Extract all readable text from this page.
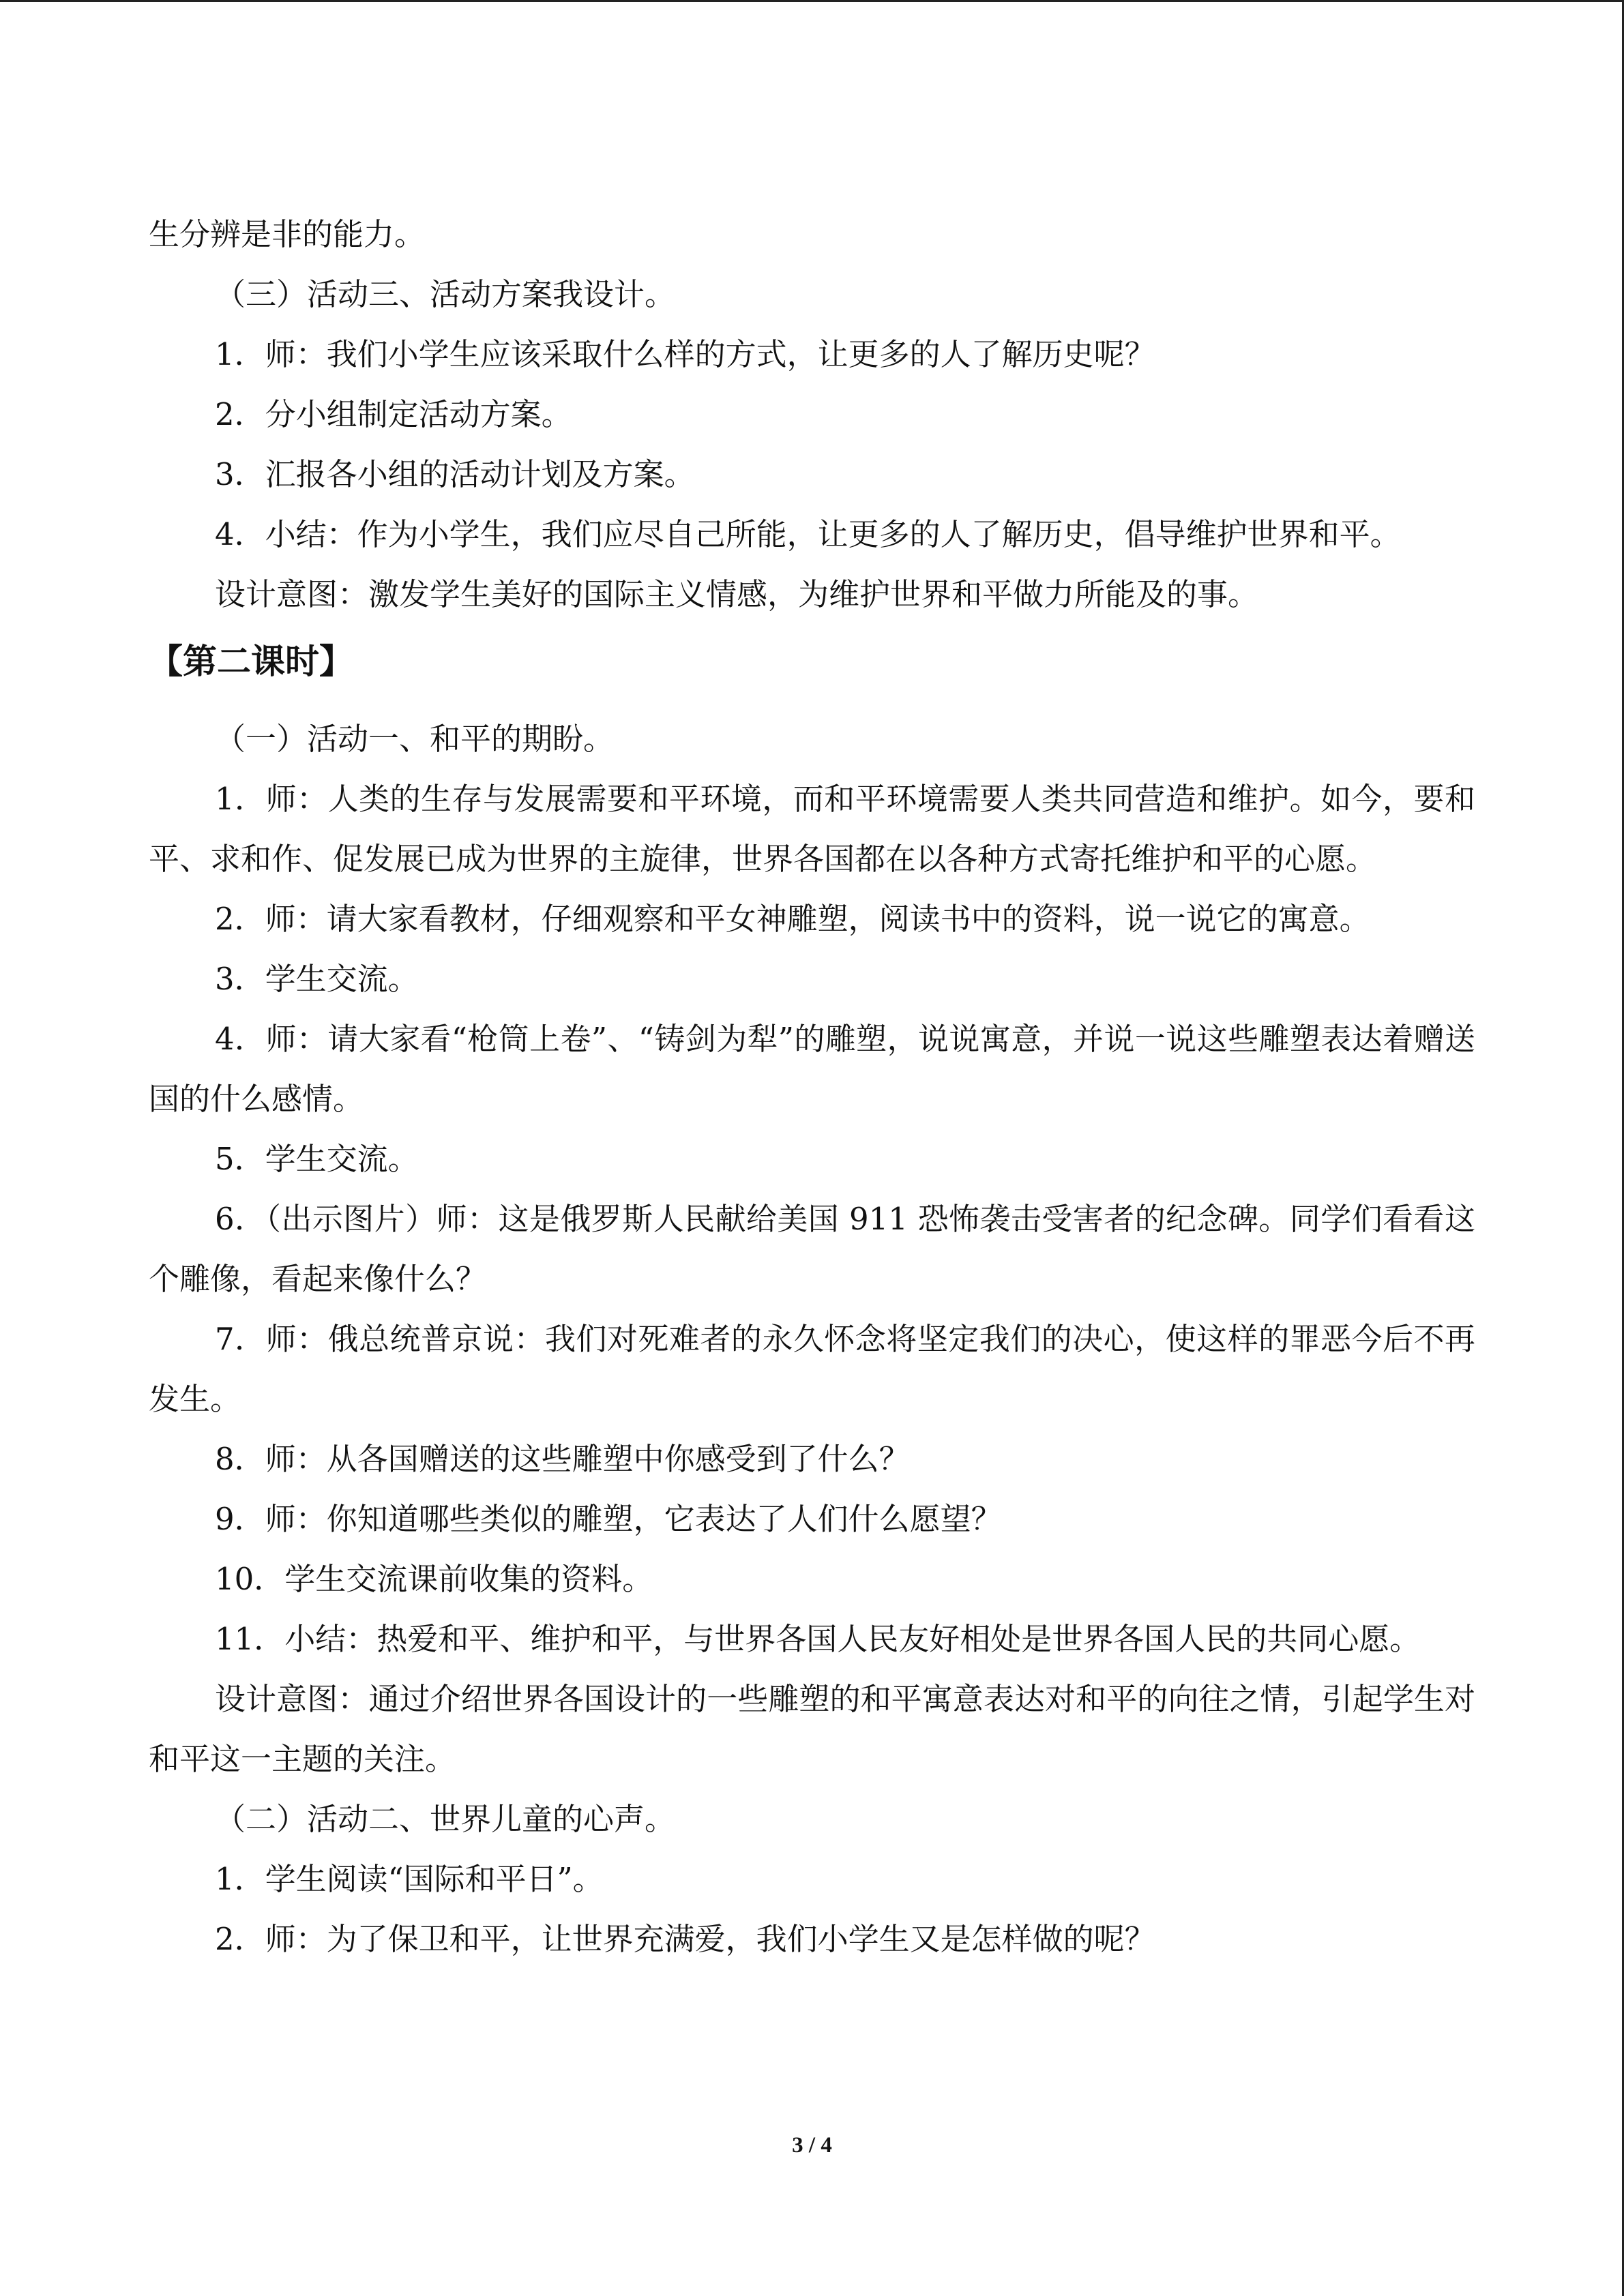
生分辨是非的能力。

（三）活动三、活动方案我设计。

1．师：我们小学生应该采取什么样的方式，让更多的人了解历史呢？

2．分小组制定活动方案。

3．汇报各小组的活动计划及方案。

4．小结：作为小学生，我们应尽自己所能，让更多的人了解历史，倡导维护世界和平。

设计意图：激发学生美好的国际主义情感，为维护世界和平做力所能及的事。

【第二课时】

（一）活动一、和平的期盼。

1．师：人类的生存与发展需要和平环境，而和平环境需要人类共同营造和维护。如今，要和平、求和作、促发展已成为世界的主旋律，世界各国都在以各种方式寄托维护和平的心愿。

2．师：请大家看教材，仔细观察和平女神雕塑，阅读书中的资料，说一说它的寓意。

3．学生交流。

4．师：请大家看“枪筒上卷”、“铸剑为犁”的雕塑，说说寓意，并说一说这些雕塑表达着赠送国的什么感情。

5．学生交流。

6．（出示图片）师：这是俄罗斯人民献给美国 911 恐怖袭击受害者的纪念碑。同学们看看这个雕像，看起来像什么？

7．师：俄总统普京说：我们对死难者的永久怀念将坚定我们的决心，使这样的罪恶今后不再发生。

8．师：从各国赠送的这些雕塑中你感受到了什么？

9．师：你知道哪些类似的雕塑，它表达了人们什么愿望？

10．学生交流课前收集的资料。

11．小结：热爱和平、维护和平，与世界各国人民友好相处是世界各国人民的共同心愿。

设计意图：通过介绍世界各国设计的一些雕塑的和平寓意表达对和平的向往之情，引起学生对和平这一主题的关注。

（二）活动二、世界儿童的心声。

1．学生阅读“国际和平日”。

2．师：为了保卫和平，让世界充满爱，我们小学生又是怎样做的呢？

3 / 4
